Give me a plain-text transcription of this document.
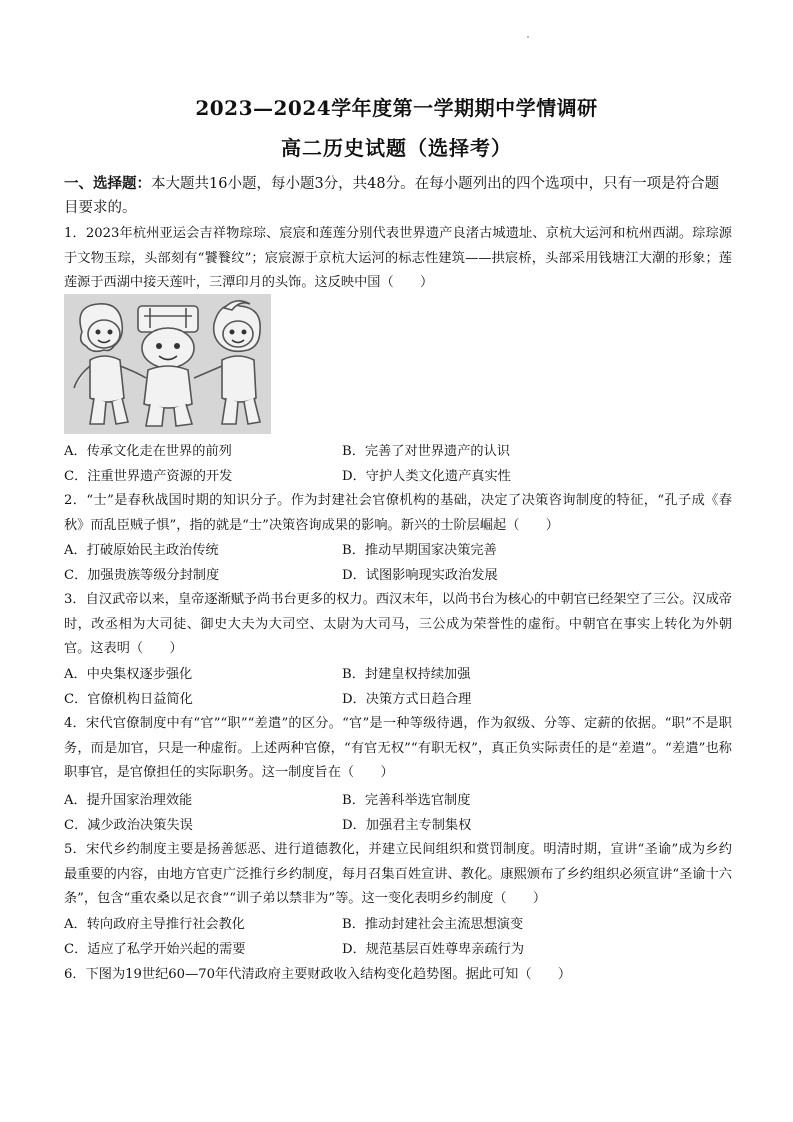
2023—2024学年度第一学期期中学情调研
高二历史试题（选择考）
一、选择题：本大题共16小题，每小题3分，共48分。在每小题列出的四个选项中，只有一项是符合题目要求的。
1．2023年杭州亚运会吉祥物琮琮、宸宸和莲莲分别代表世界遗产良渚古城遗址、京杭大运河和杭州西湖。琮琮源于文物玉琮，头部刻有“饕餮纹”；宸宸源于京杭大运河的标志性建筑——拱宸桥，头部采用钱塘江大潮的形象；莲莲源于西湖中接天莲叶，三潭印月的头饰。这反映中国（　　）
A．传承文化走在世界的前列	B．完善了对世界遗产的认识
C．注重世界遗产资源的开发	D．守护人类文化遗产真实性
2．“士”是春秋战国时期的知识分子。作为封建社会官僚机构的基础，决定了决策咨询制度的特征，“孔子成《春秋》而乱臣贼子惧”，指的就是“士”决策咨询成果的影响。新兴的士阶层崛起（　　）
A．打破原始民主政治传统	B．推动早期国家决策完善
C．加强贵族等级分封制度	D．试图影响现实政治发展
3．自汉武帝以来，皇帝逐渐赋予尚书台更多的权力。西汉末年，以尚书台为核心的中朝官已经架空了三公。汉成帝时，改丞相为大司徒、御史大夫为大司空、太尉为大司马，三公成为荣誉性的虚衔。中朝官在事实上转化为外朝官。这表明（　　）
A．中央集权逐步强化	B．封建皇权持续加强
C．官僚机构日益简化	D．决策方式日趋合理
4．宋代官僚制度中有“官”“职”“差遣”的区分。“官”是一种等级待遇，作为叙级、分等、定薪的依据。“职”不是职务，而是加官，只是一种虚衔。上述两种官僚，“有官无权”“有职无权”，真正负实际责任的是“差遣”。“差遣”也称职事官，是官僚担任的实际职务。这一制度旨在（　　）
A．提升国家治理效能	B．完善科举选官制度
C．减少政治决策失误	D．加强君主专制集权
5．宋代乡约制度主要是扬善惩恶、进行道德教化，并建立民间组织和赏罚制度。明清时期，宣讲“圣谕”成为乡约最重要的内容，由地方官吏广泛推行乡约制度，每月召集百姓宣讲、教化。康熙颁布了乡约组织必须宣讲“圣谕十六条”，包含“重农桑以足衣食”“训子弟以禁非为”等。这一变化表明乡约制度（　　）
A．转向政府主导推行社会教化	B．推动封建社会主流思想演变
C．适应了私学开始兴起的需要	D．规范基层百姓尊卑亲疏行为
6．下图为19世纪60—70年代清政府主要财政收入结构变化趋势图。据此可知（　　）
